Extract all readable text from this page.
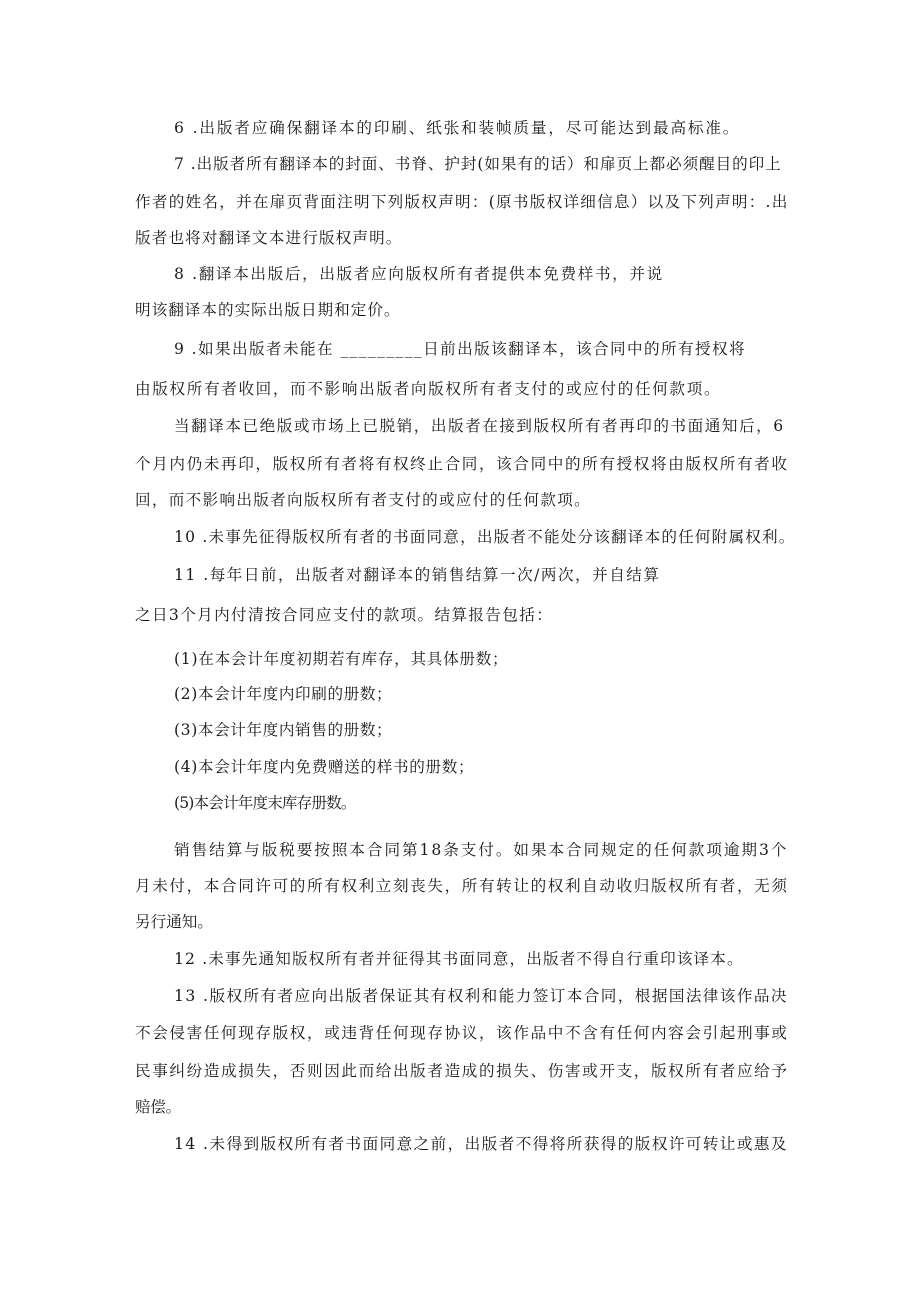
6 .出版者应确保翻译本的印刷、纸张和装帧质量，尽可能达到最高标准。

7 .出版者所有翻译本的封面、书脊、护封(如果有的话）和扉页上都必须醒目的印上

作者的姓名，并在扉页背面注明下列版权声明：(原书版权详细信息）以及下列声明：.出

版者也将对翻译文本进行版权声明。

8 .翻译本出版后，出版者应向版权所有者提供本免费样书，并说

明该翻译本的实际出版日期和定价。

9 .如果出版者未能在 _________日前出版该翻译本，该合同中的所有授权将

由版权所有者收回，而不影响出版者向版权所有者支付的或应付的任何款项。

当翻译本已绝版或市场上已脱销，出版者在接到版权所有者再印的书面通知后，6

个月内仍未再印，版权所有者将有权终止合同，该合同中的所有授权将由版权所有者收

回，而不影响出版者向版权所有者支付的或应付的任何款项。

10 .未事先征得版权所有者的书面同意，出版者不能处分该翻译本的任何附属权利。

11 .每年日前，出版者对翻译本的销售结算一次/两次，并自结算

之日3个月内付清按合同应支付的款项。结算报告包括：

(1)在本会计年度初期若有库存，其具体册数；

(2)本会计年度内印刷的册数；

(3)本会计年度内销售的册数；

(4)本会计年度内免费赠送的样书的册数；

(5)本会计年度末库存册数。

销售结算与版税要按照本合同第18条支付。如果本合同规定的任何款项逾期3个

月未付，本合同许可的所有权利立刻丧失，所有转让的权利自动收归版权所有者，无须

另行通知。

12 .未事先通知版权所有者并征得其书面同意，出版者不得自行重印该译本。

13 .版权所有者应向出版者保证其有权利和能力签订本合同，根据国法律该作品决

不会侵害任何现存版权，或违背任何现存协议，该作品中不含有任何内容会引起刑事或

民事纠纷造成损失，否则因此而给出版者造成的损失、伤害或开支，版权所有者应给予

赔偿。

14 .未得到版权所有者书面同意之前，出版者不得将所获得的版权许可转让或惠及
